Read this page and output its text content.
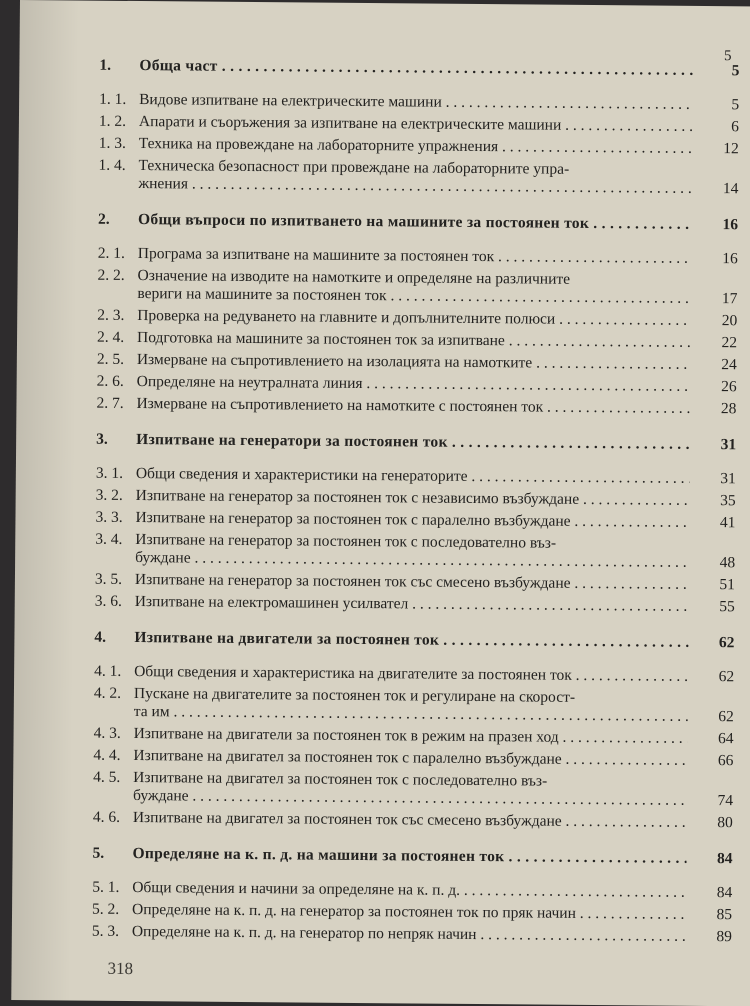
5
1.	Обща част . . .	5
1. 1. Видове изпитване на електрическите машини . . .	5
1. 2. Апарати и съоръжения за изпитване на електрическите машини . . .	6
1. 3. Техника на провеждане на лабораторните упражнения . . .	12
1. 4. Техническа безопасност при провеждане на лабораторните упра-
жнения . . .	14
2.	Общи въпроси по изпитването на машините за постоянен ток . . .	16
2. 1. Програма за изпитване на машините за постоянен ток . . .	16
2. 2. Означение на изводите на намотките и определяне на различните
вериги на машините за постоянен ток . . .	17
2. 3. Проверка на редуването на главните и допълнителните полюси . . .	20
2. 4. Подготовка на машините за постоянен ток за изпитване . . .	22
2. 5. Измерване на съпротивлението на изолацията на намотките . . .	24
2. 6. Определяне на неутралната линия . . .	26
2. 7. Измерване на съпротивлението на намотките с постоянен ток . . .	28
3.	Изпитване на генератори за постоянен ток . . .	31
3. 1. Общи сведения и характеристики на генераторите . . .	31
3. 2. Изпитване на генератор за постоянен ток с независимо възбуждане . . .	35
3. 3. Изпитване на генератор за постоянен ток с паралелно възбуждане . . .	41
3. 4. Изпитване на генератор за постоянен ток с последователно въз-
буждане . . .	48
3. 5. Изпитване на генератор за постоянен ток със смесено възбуждане . . .	51
3. 6. Изпитване на електромашинен усилвател . . .	55
4.	Изпитване на двигатели за постоянен ток . . .	62
4. 1. Общи сведения и характеристика на двигателите за постоянен ток . . .	62
4. 2. Пускане на двигателите за постоянен ток и регулиране на скорост-
та им . . .	62
4. 3. Изпитване на двигатели за постоянен ток в режим на празен ход . . .	64
4. 4. Изпитване на двигател за постоянен ток с паралелно възбуждане . . .	66
4. 5. Изпитване на двигател за постоянен ток с последователно въз-
буждане . . .	74
4. 6. Изпитване на двигател за постоянен ток със смесено възбуждане . . .	80
5.	Определяне на к. п. д. на машини за постоянен ток . . .	84
5. 1. Общи сведения и начини за определяне на к. п. д. . . .	84
5. 2. Определяне на к. п. д. на генератор за постоянен ток по пряк начин . . .	85
5. 3. Определяне на к. п. д. на генератор по непряк начин . . .	89
318
